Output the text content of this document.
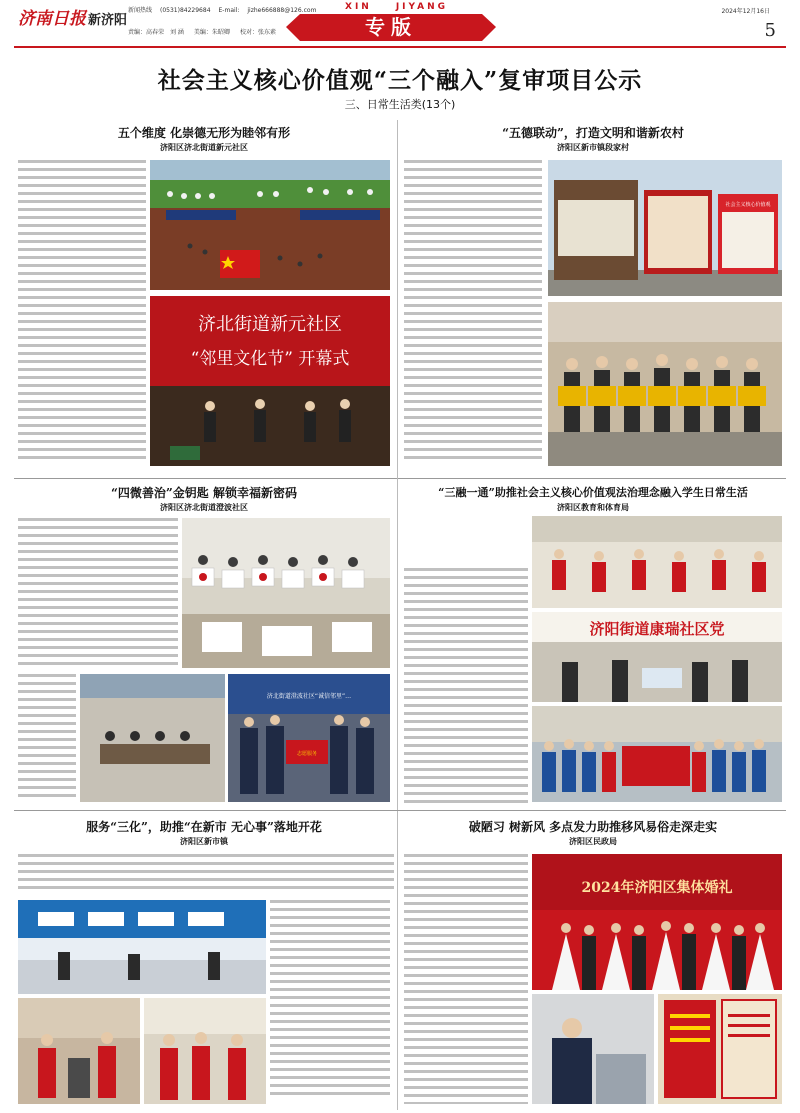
济南日报 新济阳
新闻热线 (0531)84229684 E-mail: jizhe666888@126.com
责编：高春荣　刘 涵 美编：朱昭卿 校对：张东素
XIN	JIYANG
专版
2024年12月16日
5
社会主义核心价值观“三个融入”复审项目公示
三、日常生活类(13个)
五个维度 化崇德无形为睦邻有形
济阳区济北街道新元社区
济北街道新元社区
“邻里文化节” 开幕式
“五德联动”，打造文明和谐新农村
济阳区新市镇段家村
社会主义核心价值观
“四微善治”金钥匙 解锁幸福新密码
济阳区济北街道澄波社区
济北街道澄波社区“诚信邻里”…
志愿服务
“三融一通”助推社会主义核心价值观法治理念融入学生日常生活
济阳区教育和体育局
济阳街道康瑞社区党
服务“三化”，助推“在新市 无心事”落地开花
济阳区新市镇
破陋习 树新风 多点发力助推移风易俗走深走实
济阳区民政局
2024年济阳区集体婚礼
